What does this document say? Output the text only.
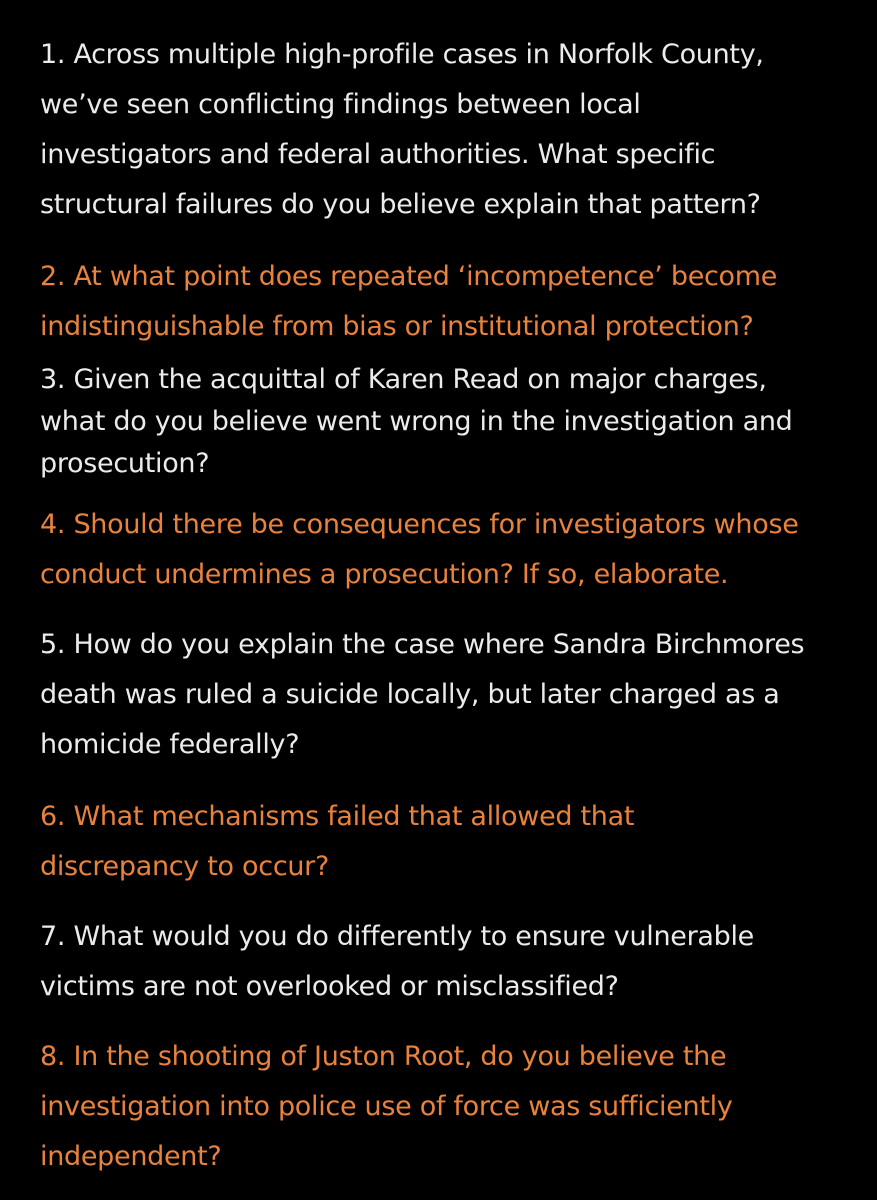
1. Across multiple high-profile cases in Norfolk County,
we’ve seen conflicting findings between local
investigators and federal authorities. What specific
structural failures do you believe explain that pattern?

2. At what point does repeated ‘incompetence’ become
indistinguishable from bias or institutional protection?

3. Given the acquittal of Karen Read on major charges,
what do you believe went wrong in the investigation and
prosecution?

4. Should there be consequences for investigators whose
conduct undermines a prosecution? If so, elaborate.

5. How do you explain the case where Sandra Birchmores
death was ruled a suicide locally, but later charged as a
homicide federally?

6. What mechanisms failed that allowed that
discrepancy to occur?

7. What would you do differently to ensure vulnerable
victims are not overlooked or misclassified?

8. In the shooting of Juston Root, do you believe the
investigation into police use of force was sufficiently
independent?
